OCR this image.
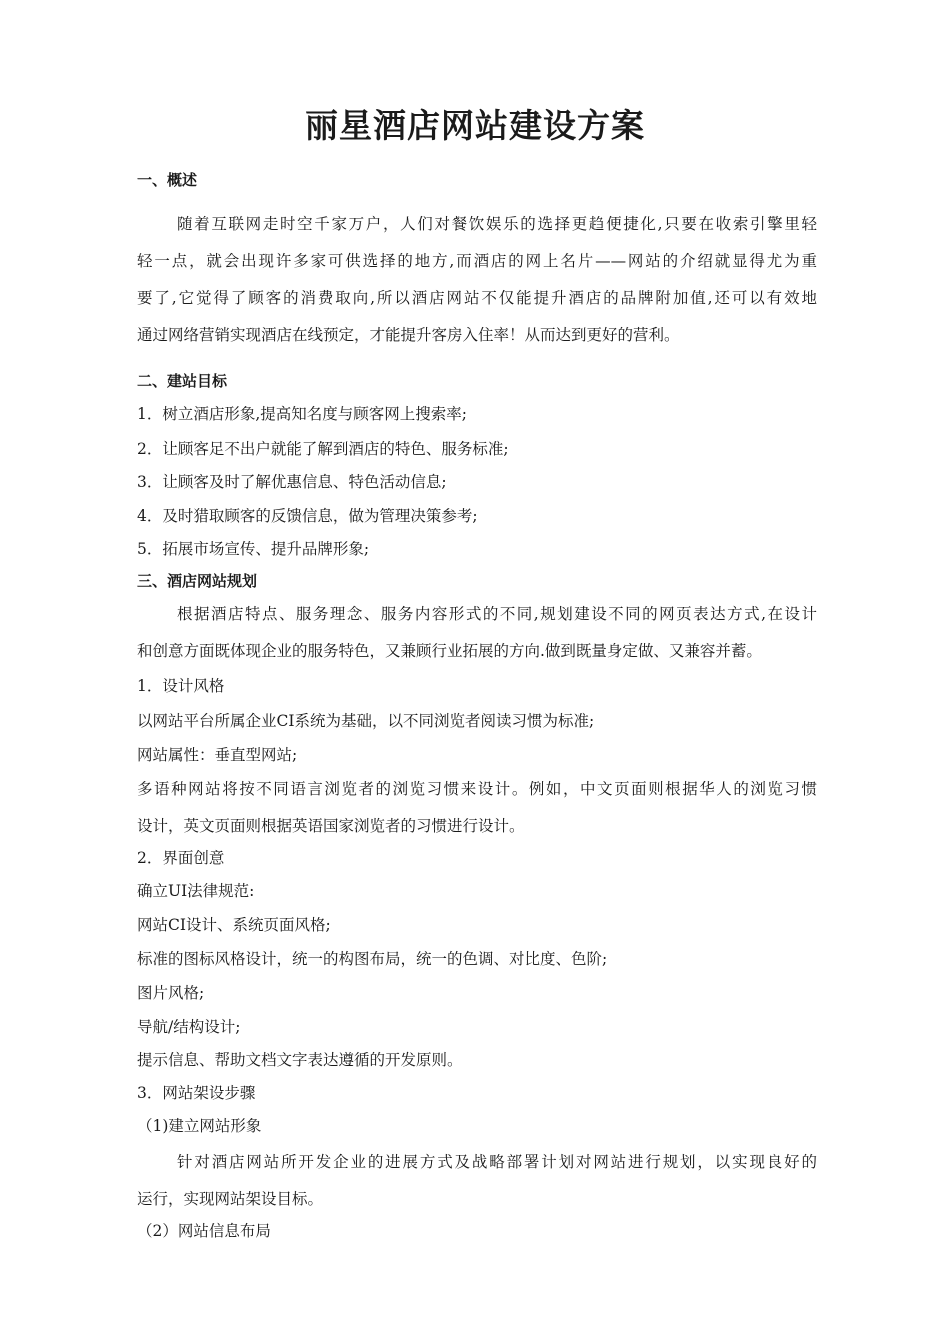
丽星酒店网站建设方案
一、概述
随着互联网走时空千家万户，人们对餐饮娱乐的选择更趋便捷化,只要在收索引擎里轻
轻一点，就会出现许多家可供选择的地方,而酒店的网上名片——网站的介绍就显得尤为重
要了,它觉得了顾客的消费取向,所以酒店网站不仅能提升酒店的品牌附加值,还可以有效地
通过网络营销实现酒店在线预定，才能提升客房入住率！从而达到更好的营利。
二、建站目标
1．树立酒店形象,提高知名度与顾客网上搜索率;
2．让顾客足不出户就能了解到酒店的特色、服务标准;
3．让顾客及时了解优惠信息、特色活动信息;
4．及时猎取顾客的反馈信息，做为管理决策参考;
5．拓展市场宣传、提升品牌形象;
三、酒店网站规划
根据酒店特点、服务理念、服务内容形式的不同,规划建设不同的网页表达方式,在设计
和创意方面既体现企业的服务特色，又兼顾行业拓展的方向.做到既量身定做、又兼容并蓄。
1．设计风格
以网站平台所属企业CI系统为基础，以不同浏览者阅读习惯为标准;
网站属性：垂直型网站;
多语种网站将按不同语言浏览者的浏览习惯来设计。例如，中文页面则根据华人的浏览习惯
设计，英文页面则根据英语国家浏览者的习惯进行设计。
2．界面创意
确立UI法律规范:
网站CI设计、系统页面风格;
标准的图标风格设计，统一的构图布局，统一的色调、对比度、色阶;
图片风格;
导航/结构设计;
提示信息、帮助文档文字表达遵循的开发原则。
3．网站架设步骤
（1)建立网站形象
针对酒店网站所开发企业的进展方式及战略部署计划对网站进行规划，以实现良好的
运行，实现网站架设目标。
（2）网站信息布局
